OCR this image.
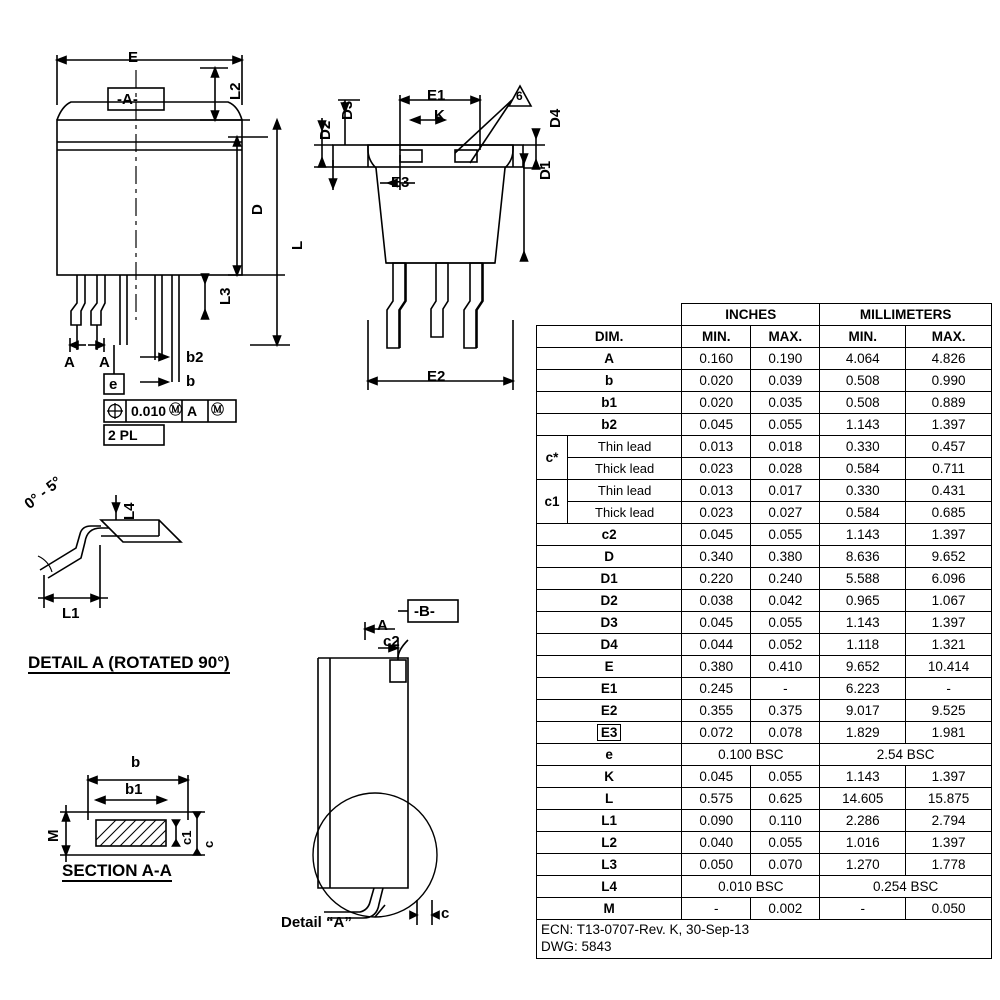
E
-A-	L2
D
L
L3
A A	b2
b
e
2 PL
0.010 Ⓜ A Ⓜ
D3
D2
E1
K
6
D4
D1
E3
E2
-B-
0° - 5°	L4
L1
DETAIL A (ROTATED 90°)
b
b1
M	c1 c
SECTION A-A
A
c2
Detail “A”
c
		INCHES		MILLIMETERS	
DIM.		MIN.	MAX.	MIN.	MAX.
A		0.160	0.190	4.064	4.826
b		0.020	0.039	0.508	0.990
b1		0.020	0.035	0.508	0.889
b2		0.045	0.055	1.143	1.397
c*	Thin lead	0.013	0.018	0.330	0.457
	Thick lead	0.023	0.028	0.584	0.711
c1	Thin lead	0.013	0.017	0.330	0.431
	Thick lead	0.023	0.027	0.584	0.685
c2		0.045	0.055	1.143	1.397
D		0.340	0.380	8.636	9.652
D1		0.220	0.240	5.588	6.096
D2		0.038	0.042	0.965	1.067
D3		0.045	0.055	1.143	1.397
D4		0.044	0.052	1.118	1.321
E		0.380	0.410	9.652	10.414
E1		0.245	-	6.223	-
E2		0.355	0.375	9.017	9.525
E3		0.072	0.078	1.829	1.981
e		0.100 BSC		2.54 BSC	
K		0.045	0.055	1.143	1.397
L		0.575	0.625	14.605	15.875
L1		0.090	0.110	2.286	2.794
L2		0.040	0.055	1.016	1.397
L3		0.050	0.070	1.270	1.778
L4		0.010 BSC		0.254 BSC	
M		-	0.002	-	0.050
ECN: T13-0707-Rev. K, 30-Sep-13
DWG: 5843					
